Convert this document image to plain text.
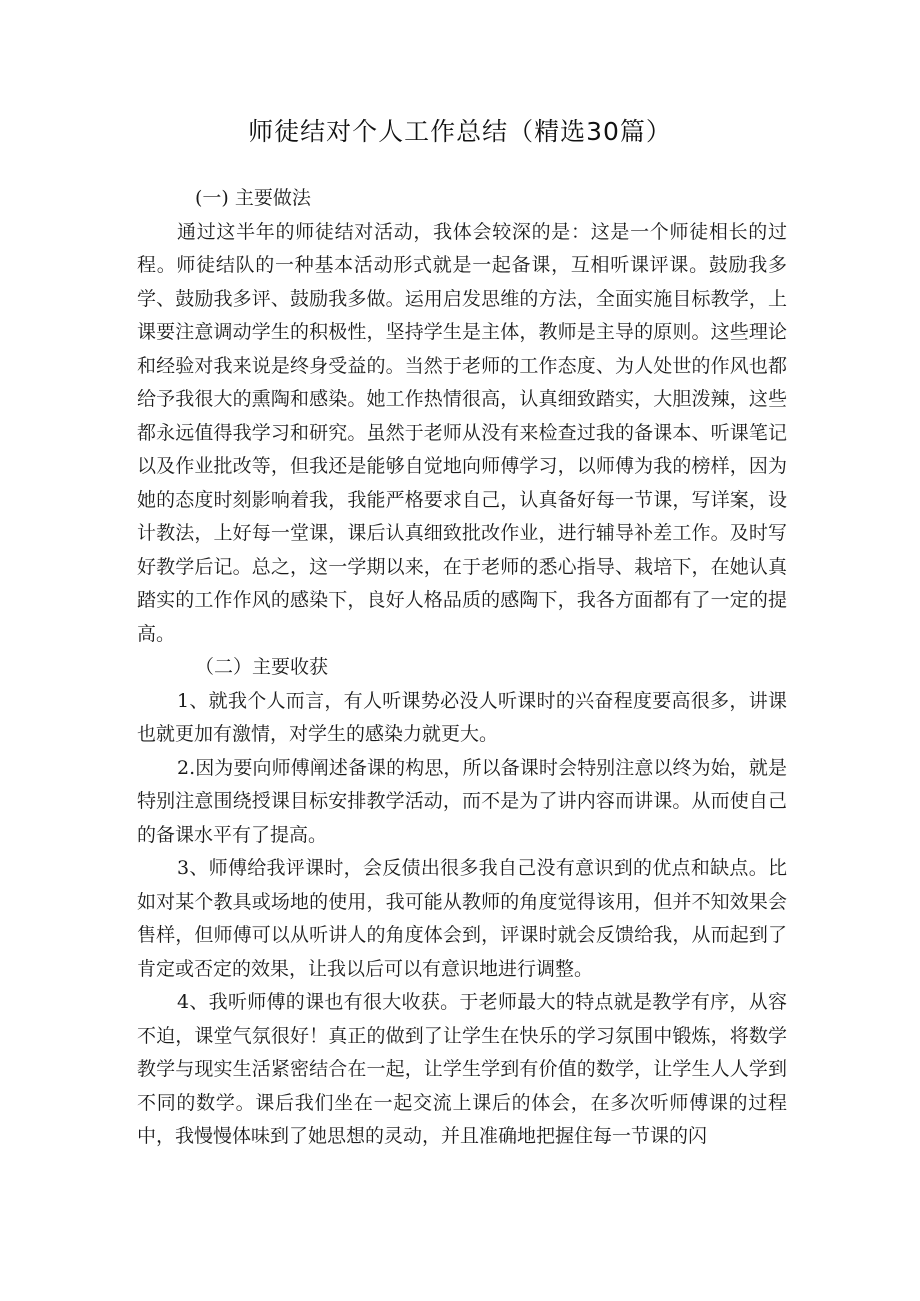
师徒结对个人工作总结（精选30篇）

(一) 主要做法

通过这半年的师徒结对活动，我体会较深的是：这是一个师徒相长的过程。师徒结队的一种基本活动形式就是一起备课，互相听课评课。鼓励我多学、鼓励我多评、鼓励我多做。运用启发思维的方法，全面实施目标教学，上课要注意调动学生的积极性，坚持学生是主体，教师是主导的原则。这些理论和经验对我来说是终身受益的。当然于老师的工作态度、为人处世的作风也都给予我很大的熏陶和感染。她工作热情很高，认真细致踏实，大胆泼辣，这些都永远值得我学习和研究。虽然于老师从没有来检查过我的备课本、听课笔记以及作业批改等，但我还是能够自觉地向师傅学习，以师傅为我的榜样，因为她的态度时刻影响着我，我能严格要求自己，认真备好每一节课，写详案，设计教法，上好每一堂课，课后认真细致批改作业，进行辅导补差工作。及时写好教学后记。总之，这一学期以来，在于老师的悉心指导、栽培下，在她认真踏实的工作作风的感染下，良好人格品质的感陶下，我各方面都有了一定的提高。

（二）主要收获

1、就我个人而言，有人听课势必没人听课时的兴奋程度要高很多，讲课也就更加有激情，对学生的感染力就更大。

2.因为要向师傅阐述备课的构思，所以备课时会特别注意以终为始，就是特别注意围绕授课目标安排教学活动，而不是为了讲内容而讲课。从而使自己的备课水平有了提高。

3、师傅给我评课时，会反债出很多我自己没有意识到的优点和缺点。比如对某个教具或场地的使用，我可能从教师的角度觉得该用，但并不知效果会售样，但师傅可以从听讲人的角度体会到，评课时就会反馈给我，从而起到了肯定或否定的效果，让我以后可以有意识地进行调整。

4、我听师傅的课也有很大收获。于老师最大的特点就是教学有序，从容不迫，课堂气氛很好！真正的做到了让学生在快乐的学习氛围中锻炼，将数学教学与现实生活紧密结合在一起，让学生学到有价值的数学，让学生人人学到不同的数学。课后我们坐在一起交流上课后的体会，在多次听师傅课的过程中，我慢慢体味到了她思想的灵动，并且准确地把握住每一节课的闪
